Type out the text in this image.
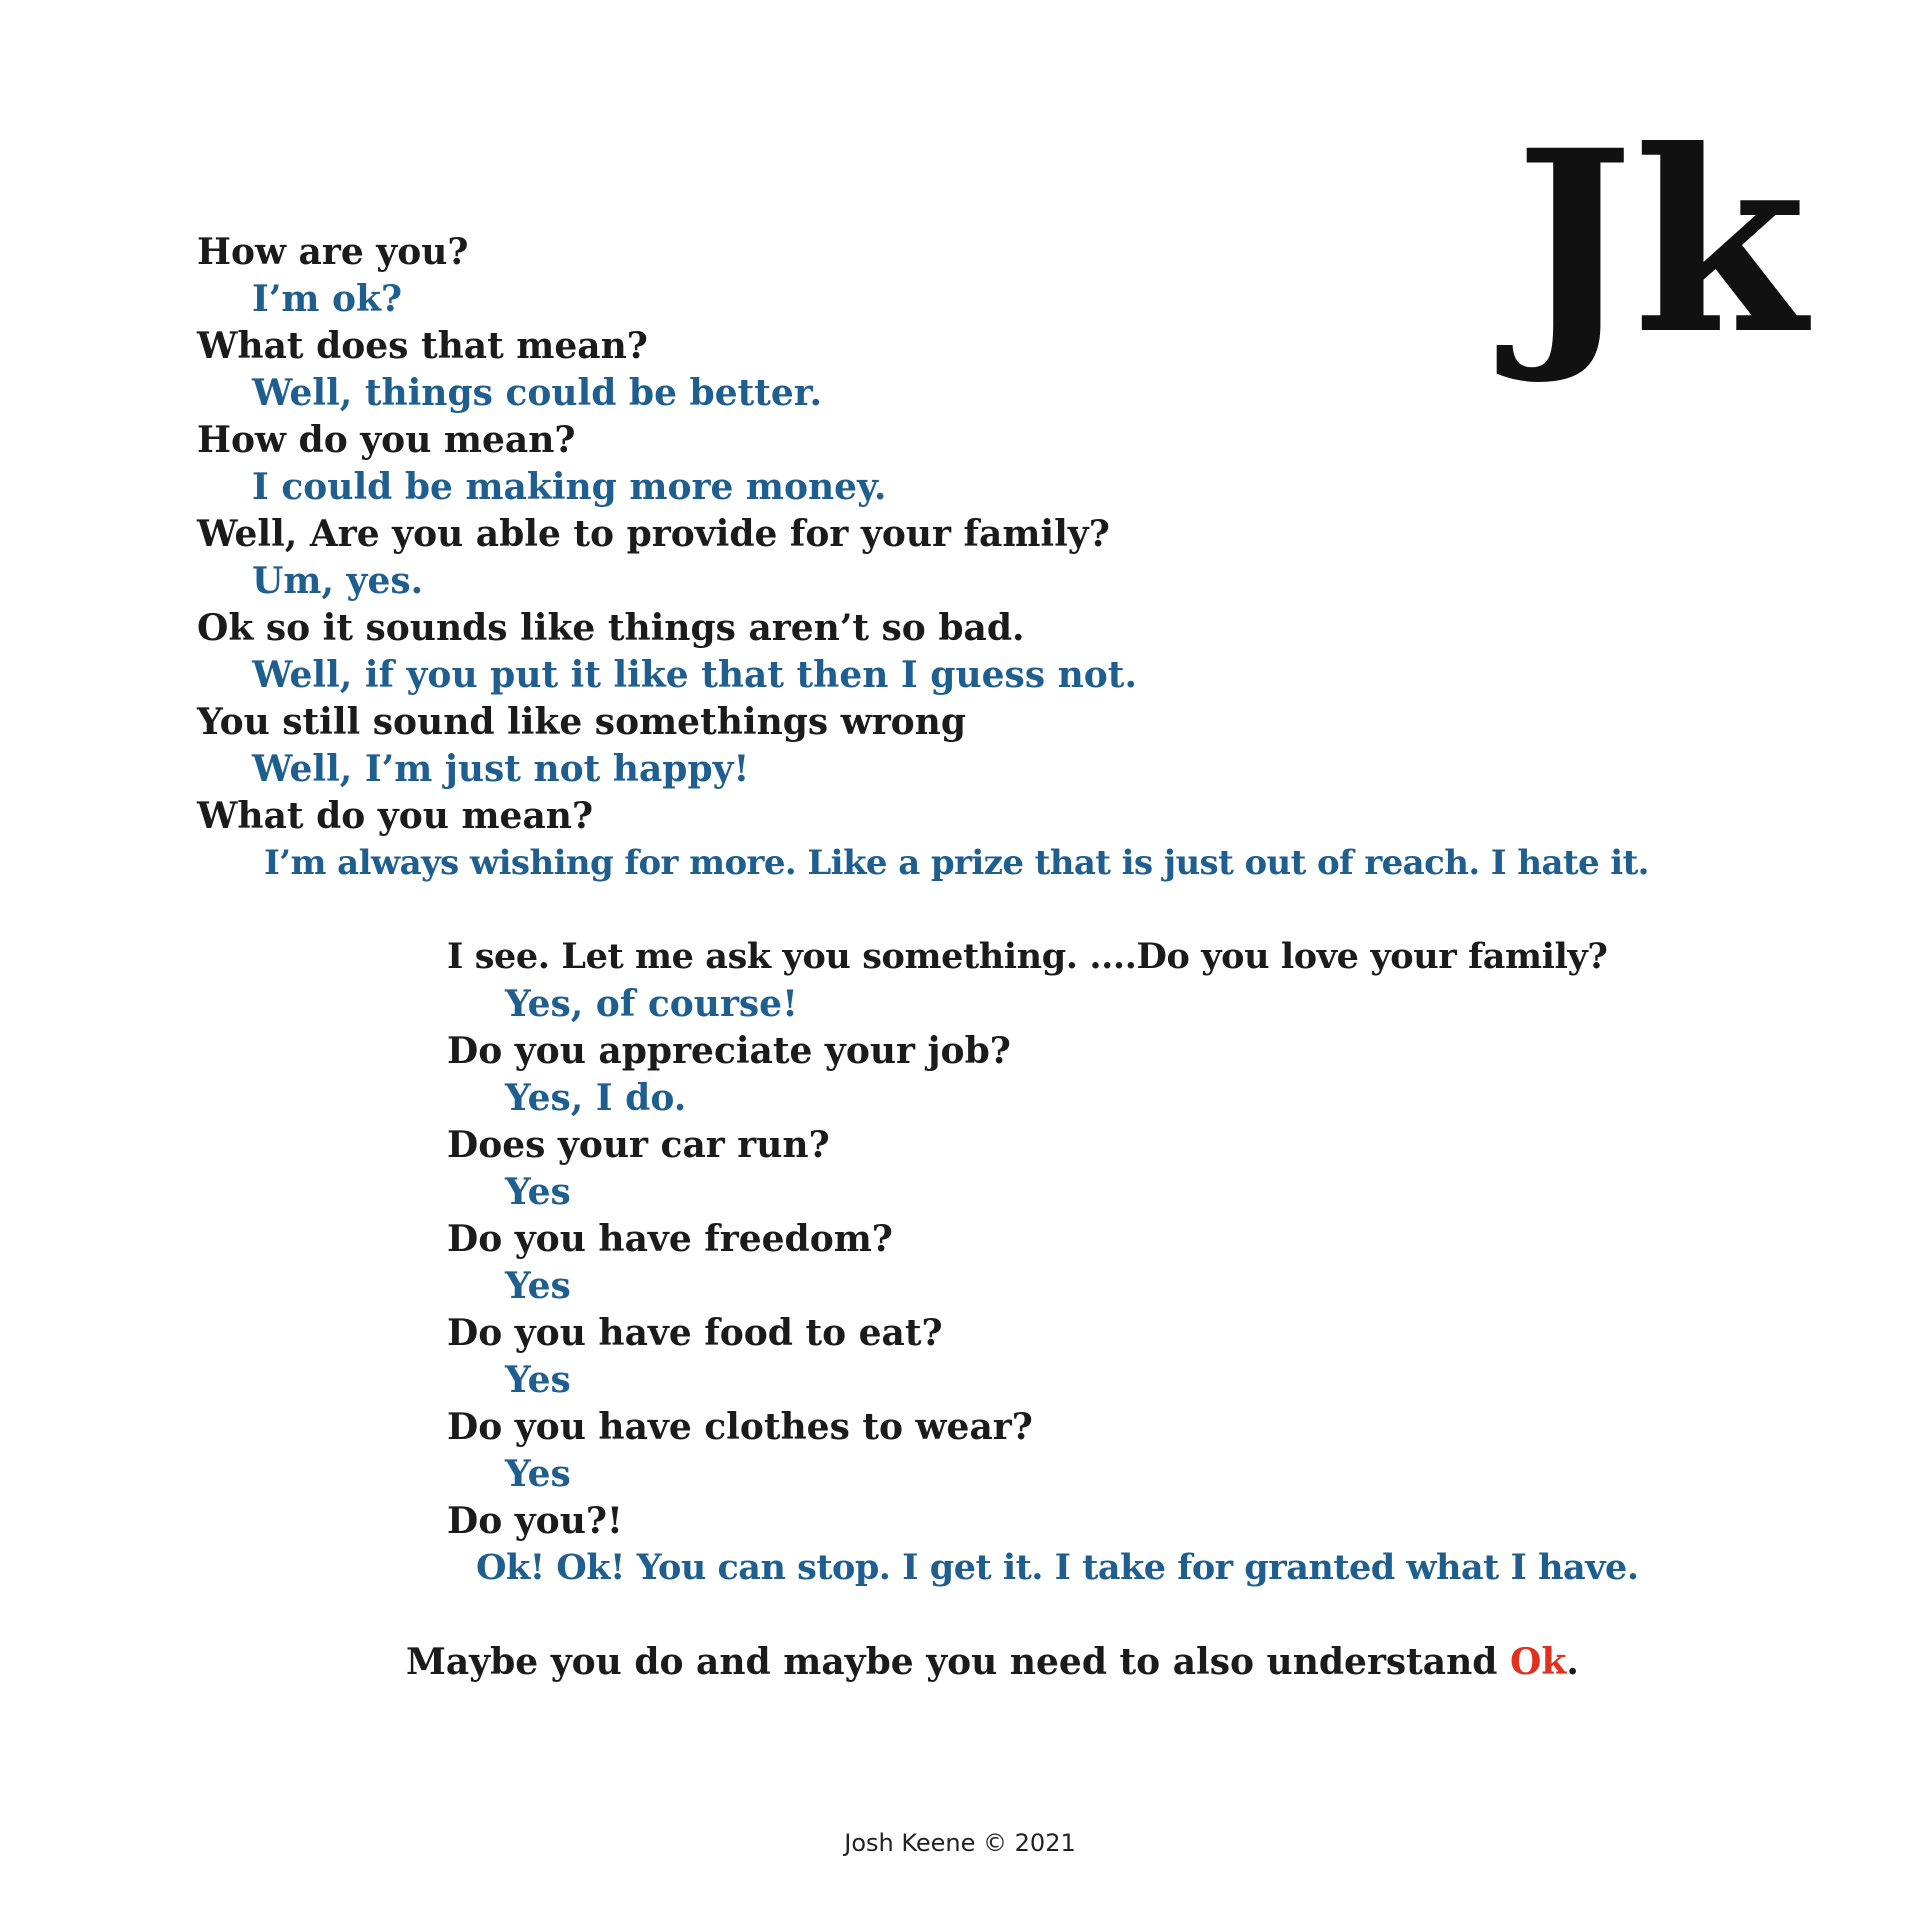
Jk
How are you?
I’m ok?
What does that mean?
Well, things could be better.
How do you mean?
I could be making more money.
Well, Are you able to provide for your family?
Um, yes.
Ok so it sounds like things aren’t so bad.
Well, if you put it like that then I guess not.
You still sound like somethings wrong
Well, I’m just not happy!
What do you mean?
I’m always wishing for more. Like a prize that is just out of reach. I hate it.
I see. Let me ask you something. ....Do you love your family?
Yes, of course!
Do you appreciate your job?
Yes, I do.
Does your car run?
Yes
Do you have freedom?
Yes
Do you have food to eat?
Yes
Do you have clothes to wear?
Yes
Do you?!
Ok! Ok! You can stop. I get it. I take for granted what I have.
Maybe you do and maybe you need to also understand Ok.
Josh Keene © 2021
